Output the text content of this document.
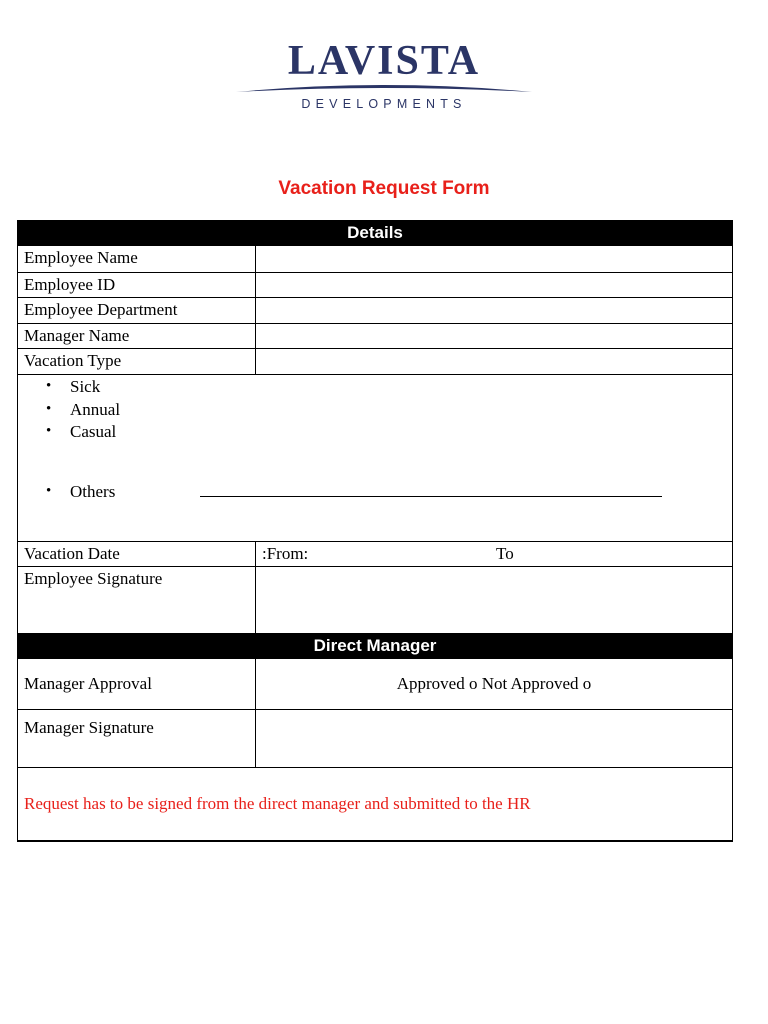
LAVISTA
DEVELOPMENTS
Vacation Request Form
Details
Employee Name
Employee ID
Employee Department
Manager Name
Vacation Type
•	Sick
•	Annual
•	Casual
•	Others
Vacation Date	:From:	To
Employee Signature
Direct Manager
Manager Approval	Approved o Not Approved o
Manager Signature
Request has to be signed from the direct manager and submitted to the HR
